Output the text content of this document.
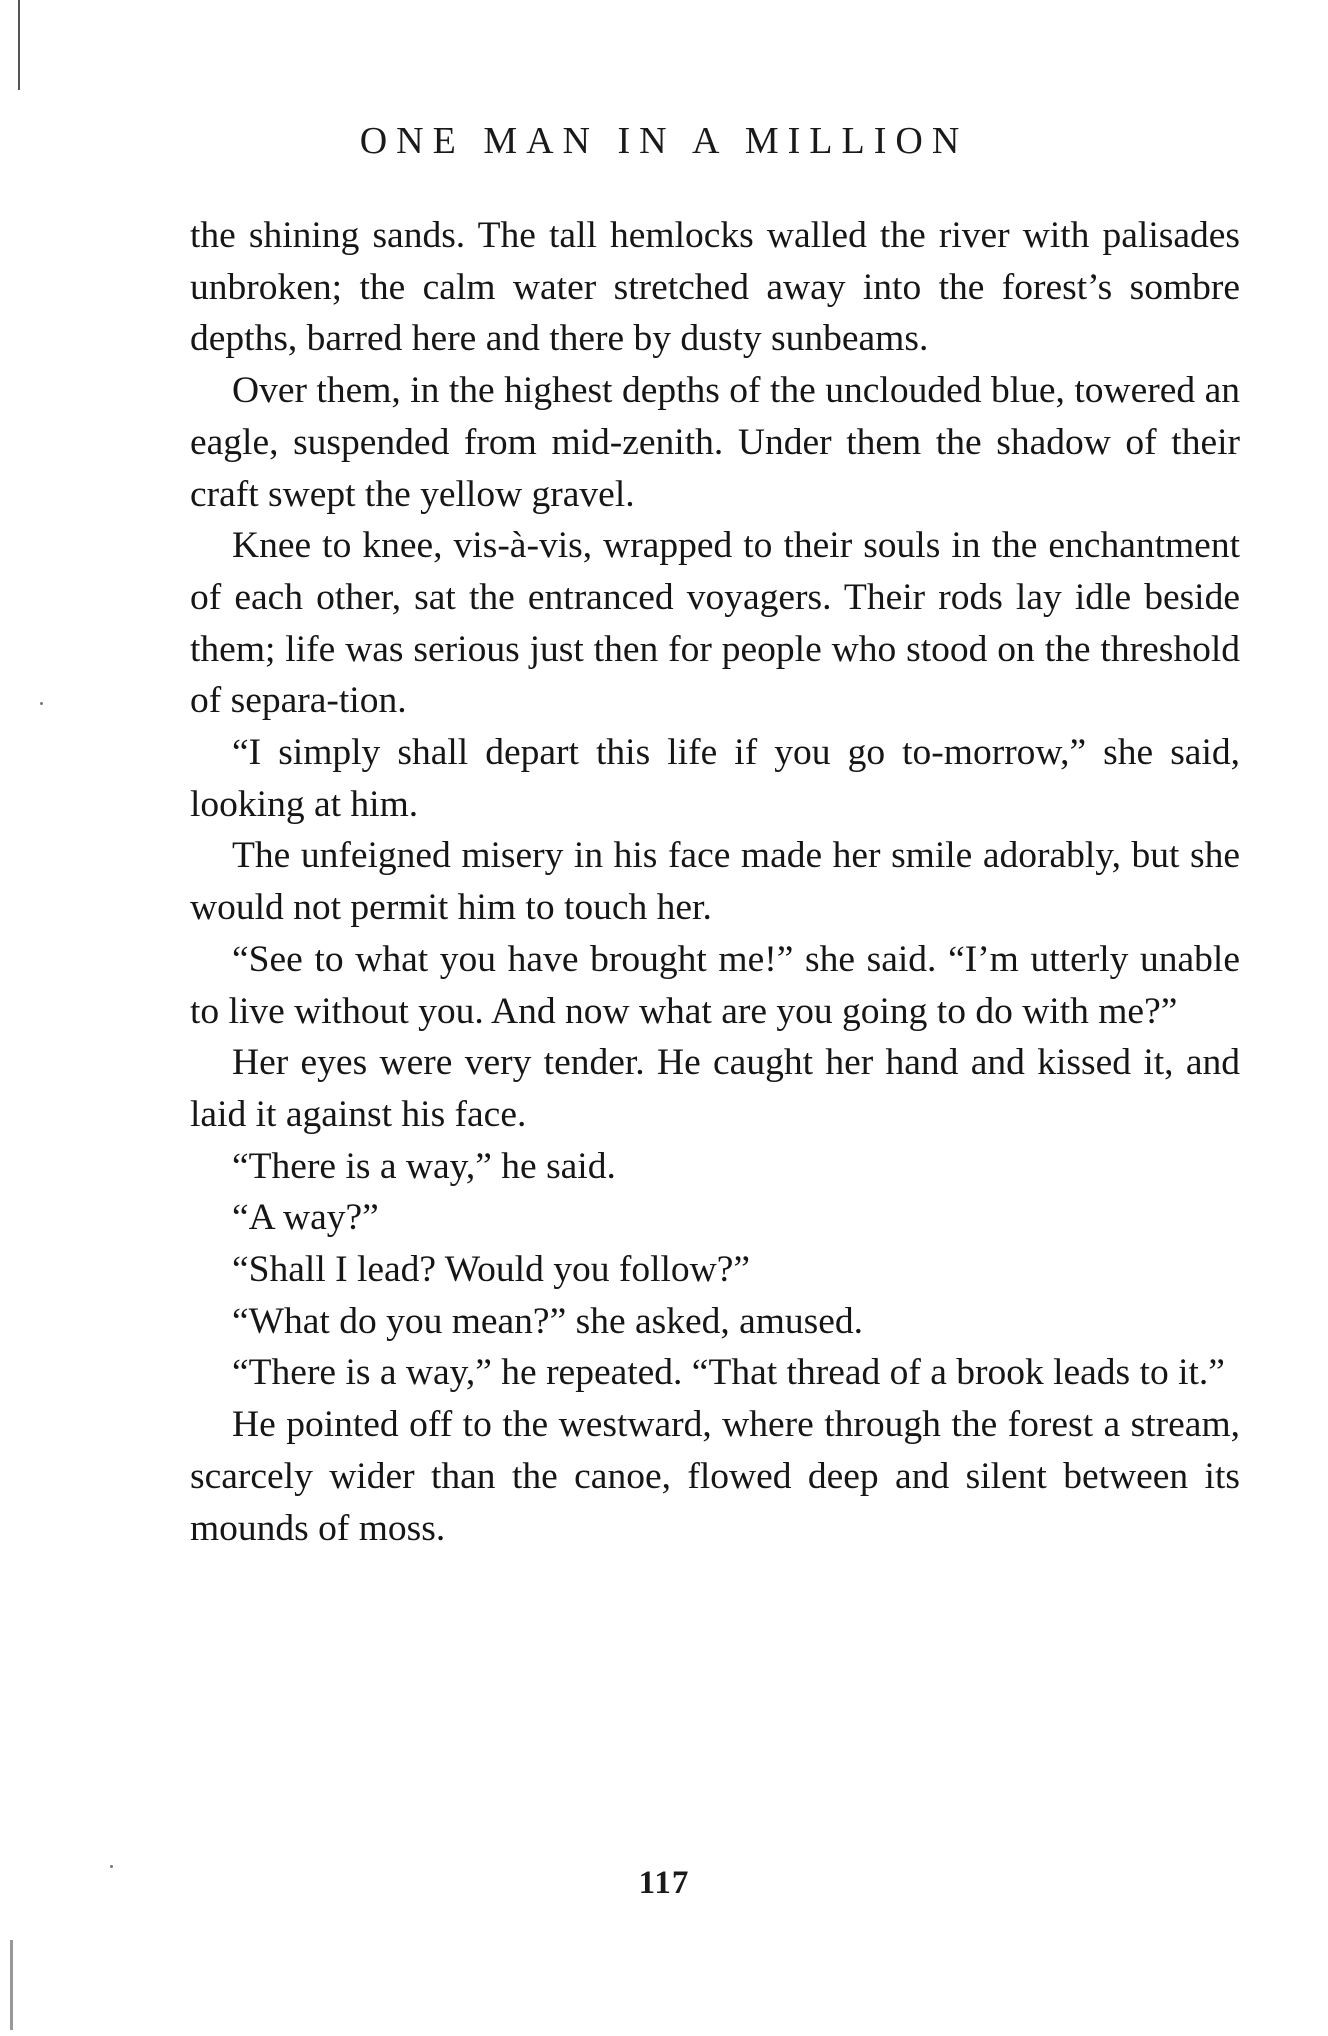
ONE MAN IN A MILLION

the shining sands. The tall hemlocks walled the river with palisades unbroken; the calm water stretched away into the forest’s sombre depths, barred here and there by dusty sunbeams.

Over them, in the highest depths of the unclouded blue, towered an eagle, suspended from mid-zenith. Under them the shadow of their craft swept the yellow gravel.

Knee to knee, vis-à-vis, wrapped to their souls in the enchantment of each other, sat the entranced voyagers. Their rods lay idle beside them; life was serious just then for people who stood on the threshold of separa-tion.

“I simply shall depart this life if you go to-morrow,” she said, looking at him.

The unfeigned misery in his face made her smile adorably, but she would not permit him to touch her.

“See to what you have brought me!” she said. “I’m utterly unable to live without you. And now what are you going to do with me?”

Her eyes were very tender. He caught her hand and kissed it, and laid it against his face.

“There is a way,” he said.

“A way?”

“Shall I lead? Would you follow?”

“What do you mean?” she asked, amused.

“There is a way,” he repeated. “That thread of a brook leads to it.”

He pointed off to the westward, where through the forest a stream, scarcely wider than the canoe, flowed deep and silent between its mounds of moss.

117
